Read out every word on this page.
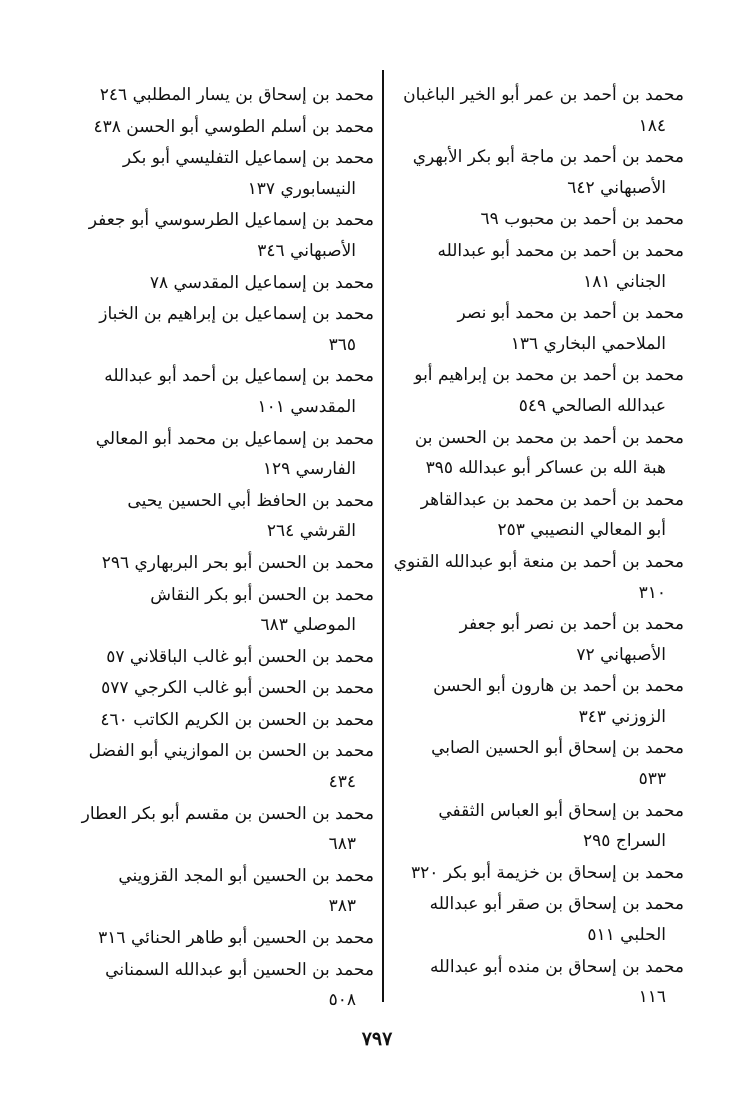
محمد بن أحمد بن عمر أبو الخير الباغبان
١٨٤
محمد بن أحمد بن ماجة أبو بكر الأبهري
الأصبهاني ٦٤٢
محمد بن أحمد بن محبوب ٦٩
محمد بن أحمد بن محمد أبو عبدالله
الجناني ١٨١
محمد بن أحمد بن محمد أبو نصر
الملاحمي البخاري ١٣٦
محمد بن أحمد بن محمد بن إبراهيم أبو
عبدالله الصالحي ٥٤٩
محمد بن أحمد بن محمد بن الحسن بن
هبة الله بن عساكر أبو عبدالله ٣٩٥
محمد بن أحمد بن محمد بن عبدالقاهر
أبو المعالي النصيبي ٢٥٣
محمد بن أحمد بن منعة أبو عبدالله القنوي
٣١٠
محمد بن أحمد بن نصر أبو جعفر
الأصبهاني ٧٢
محمد بن أحمد بن هارون أبو الحسن
الزوزني ٣٤٣
محمد بن إسحاق أبو الحسين الصابي
٥٣٣
محمد بن إسحاق أبو العباس الثقفي
السراج ٢٩٥
محمد بن إسحاق بن خزيمة أبو بكر ٣٢٠
محمد بن إسحاق بن صقر أبو عبدالله
الحلبي ٥١١
محمد بن إسحاق بن منده أبو عبدالله
١١٦
محمد بن إسحاق بن يسار المطلبي ٢٤٦
محمد بن أسلم الطوسي أبو الحسن ٤٣٨
محمد بن إسماعيل التفليسي أبو بكر
النيسابوري ١٣٧
محمد بن إسماعيل الطرسوسي أبو جعفر
الأصبهاني ٣٤٦
محمد بن إسماعيل المقدسي ٧٨
محمد بن إسماعيل بن إبراهيم بن الخباز
٣٦٥
محمد بن إسماعيل بن أحمد أبو عبدالله
المقدسي ١٠١
محمد بن إسماعيل بن محمد أبو المعالي
الفارسي ١٢٩
محمد بن الحافظ أبي الحسين يحيى
القرشي ٢٦٤
محمد بن الحسن أبو بحر البربهاري ٢٩٦
محمد بن الحسن أبو بكر النقاش
الموصلي ٦٨٣
محمد بن الحسن أبو غالب الباقلاني ٥٧
محمد بن الحسن أبو غالب الكرجي ٥٧٧
محمد بن الحسن بن الكريم الكاتب ٤٦٠
محمد بن الحسن بن الموازيني أبو الفضل
٤٣٤
محمد بن الحسن بن مقسم أبو بكر العطار
٦٨٣
محمد بن الحسين أبو المجد القزويني
٣٨٣
محمد بن الحسين أبو طاهر الحنائي ٣١٦
محمد بن الحسين أبو عبدالله السمناني
٥٠٨
٧٩٧
